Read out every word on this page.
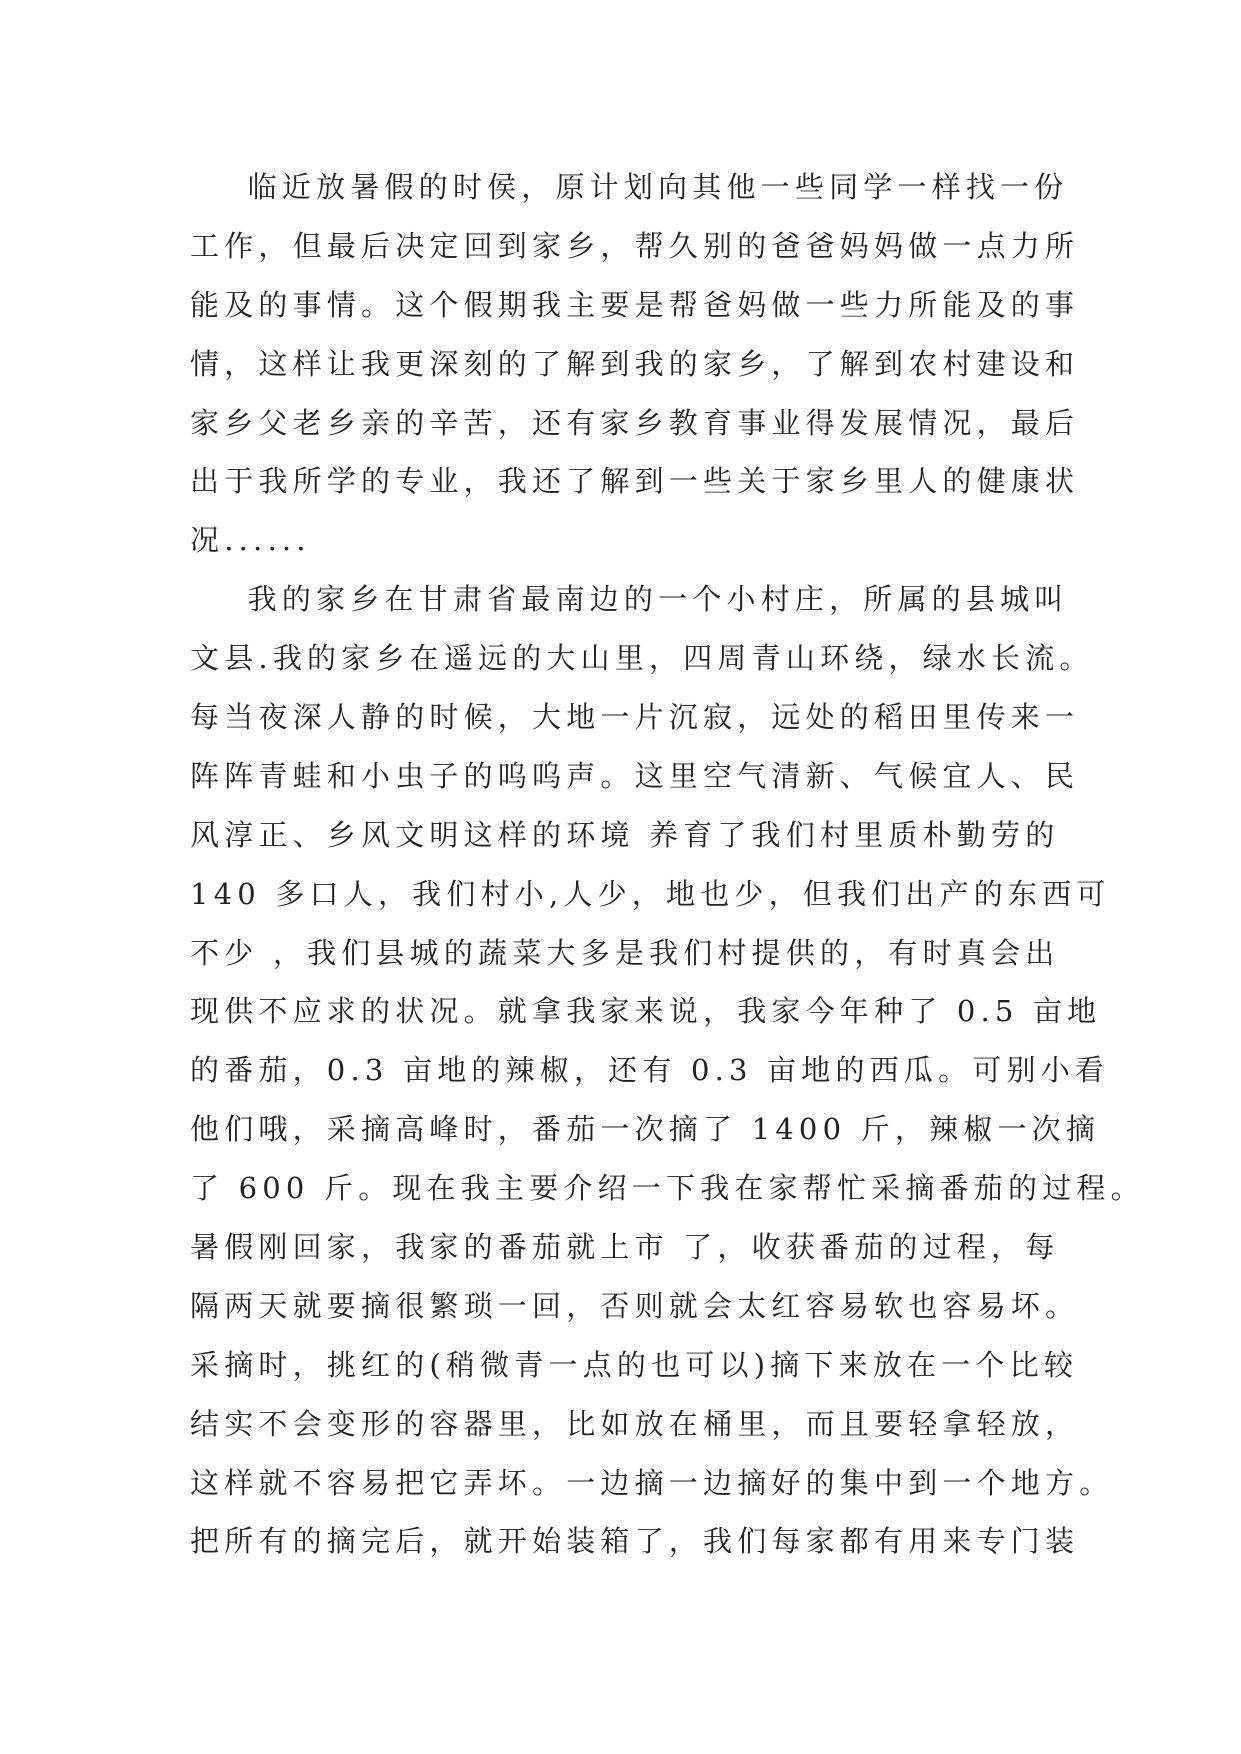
临近放暑假的时侯，原计划向其他一些同学一样找一份
工作，但最后决定回到家乡，帮久别的爸爸妈妈做一点力所
能及的事情。这个假期我主要是帮爸妈做一些力所能及的事
情，这样让我更深刻的了解到我的家乡，了解到农村建设和
家乡父老乡亲的辛苦，还有家乡教育事业得发展情况，最后
出于我所学的专业，我还了解到一些关于家乡里人的健康状
况......
我的家乡在甘肃省最南边的一个小村庄，所属的县城叫
文县.我的家乡在遥远的大山里，四周青山环绕，绿水长流。
每当夜深人静的时候，大地一片沉寂，远处的稻田里传来一
阵阵青蛙和小虫子的呜呜声。这里空气清新、气候宜人、民
风淳正、乡风文明这样的环境 养育了我们村里质朴勤劳的
140 多口人，我们村小,人少，地也少，但我们出产的东西可
不少 ，我们县城的蔬菜大多是我们村提供的，有时真会出
现供不应求的状况。就拿我家来说，我家今年种了 0.5 亩地
的番茄，0.3 亩地的辣椒，还有 0.3 亩地的西瓜。可别小看
他们哦，采摘高峰时，番茄一次摘了 1400 斤，辣椒一次摘
了 600 斤。现在我主要介绍一下我在家帮忙采摘番茄的过程。
暑假刚回家，我家的番茄就上市 了，收获番茄的过程，每
隔两天就要摘很繁琐一回，否则就会太红容易软也容易坏。
采摘时，挑红的(稍微青一点的也可以)摘下来放在一个比较
结实不会变形的容器里，比如放在桶里，而且要轻拿轻放，
这样就不容易把它弄坏。一边摘一边摘好的集中到一个地方。
把所有的摘完后，就开始装箱了，我们每家都有用来专门装
